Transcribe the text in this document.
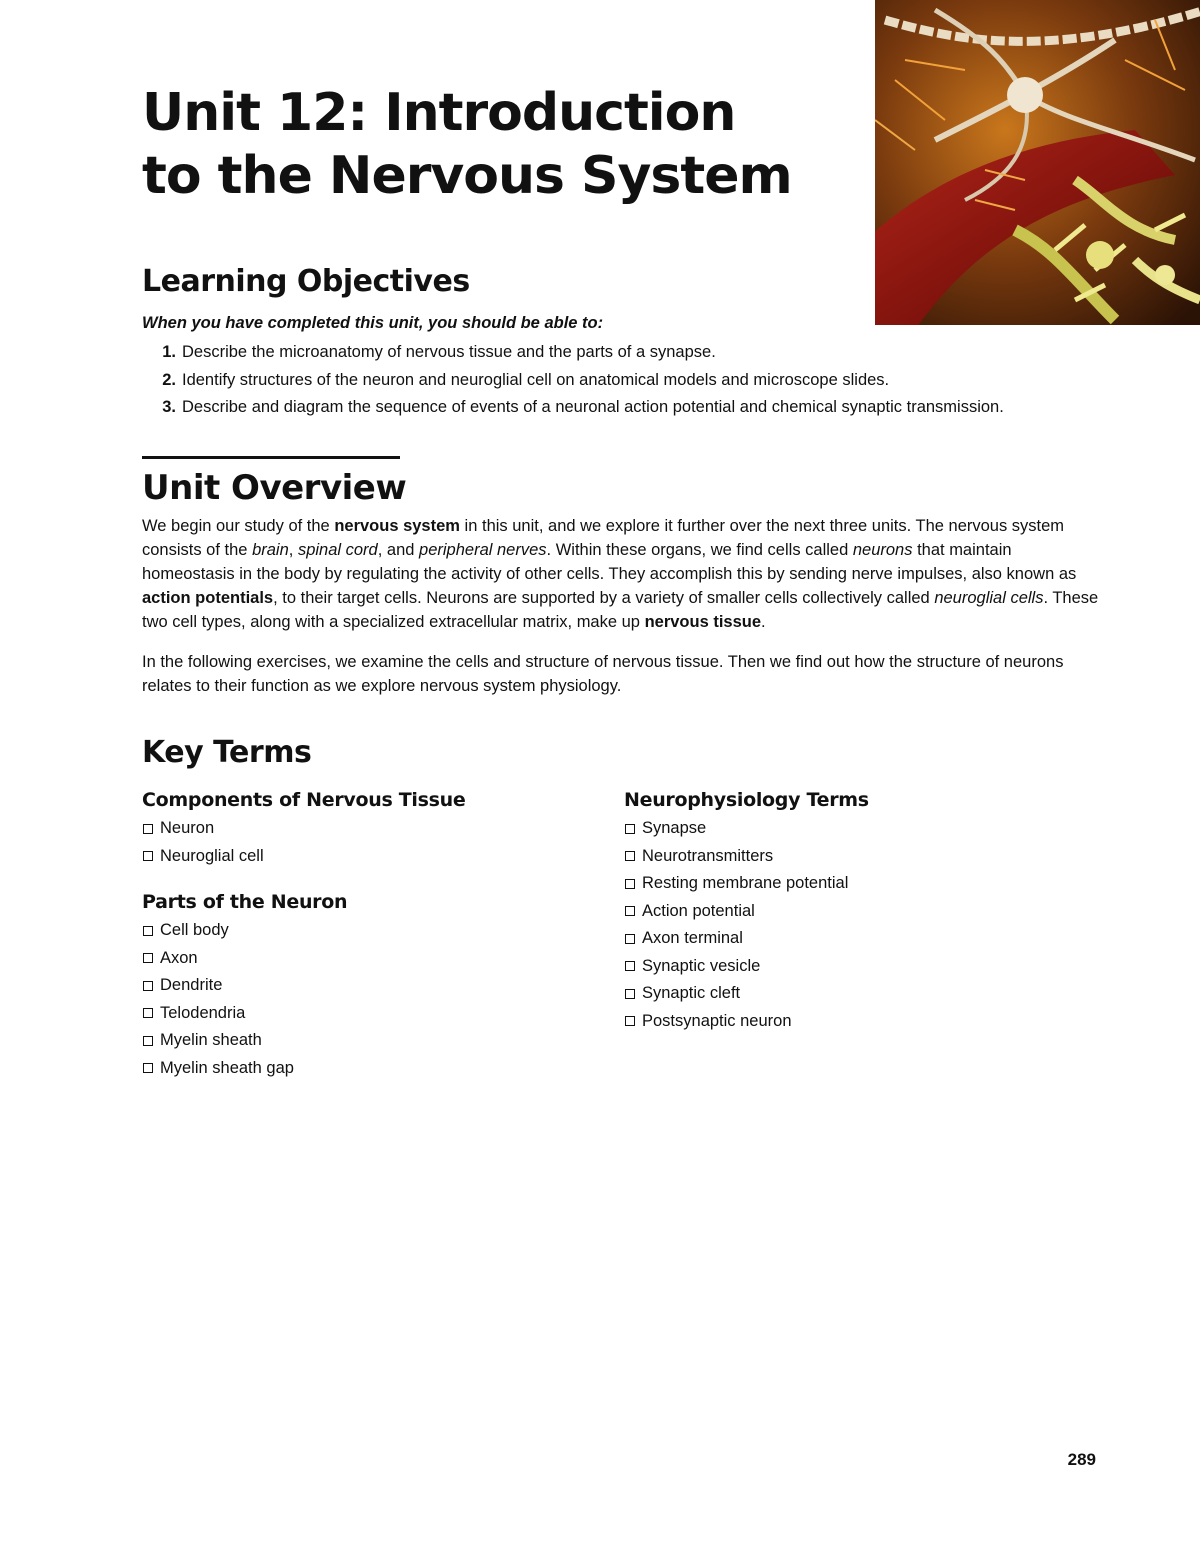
Unit 12: Introduction
to the Nervous System
Learning Objectives

When you have completed this unit, you should be able to:

1. Describe the microanatomy of nervous tissue and the parts of a synapse.
2. Identify structures of the neuron and neuroglial cell on anatomical models and microscope slides.
3. Describe and diagram the sequence of events of a neuronal action potential and chemical synaptic transmission.
Unit Overview

We begin our study of the nervous system in this unit, and we explore it further over the next three units. The nervous system consists of the brain, spinal cord, and peripheral nerves. Within these organs, we find cells called neurons that maintain homeostasis in the body by regulating the activity of other cells. They accomplish this by sending nerve impulses, also known as action potentials, to their target cells. Neurons are supported by a variety of smaller cells collectively called neuroglial cells. These two cell types, along with a specialized extracellular matrix, make up nervous tissue.

In the following exercises, we examine the cells and structure of nervous tissue. Then we find out how the structure of neurons relates to their function as we explore nervous system physiology.

Key Terms
Components of Nervous Tissue
Neuron
Neuroglial cell
Parts of the Neuron
Cell body
Axon
Dendrite
Telodendria
Myelin sheath
Myelin sheath gap
Neurophysiology Terms
Synapse
Neurotransmitters
Resting membrane potential
Action potential
Axon terminal
Synaptic vesicle
Synaptic cleft
Postsynaptic neuron

289
